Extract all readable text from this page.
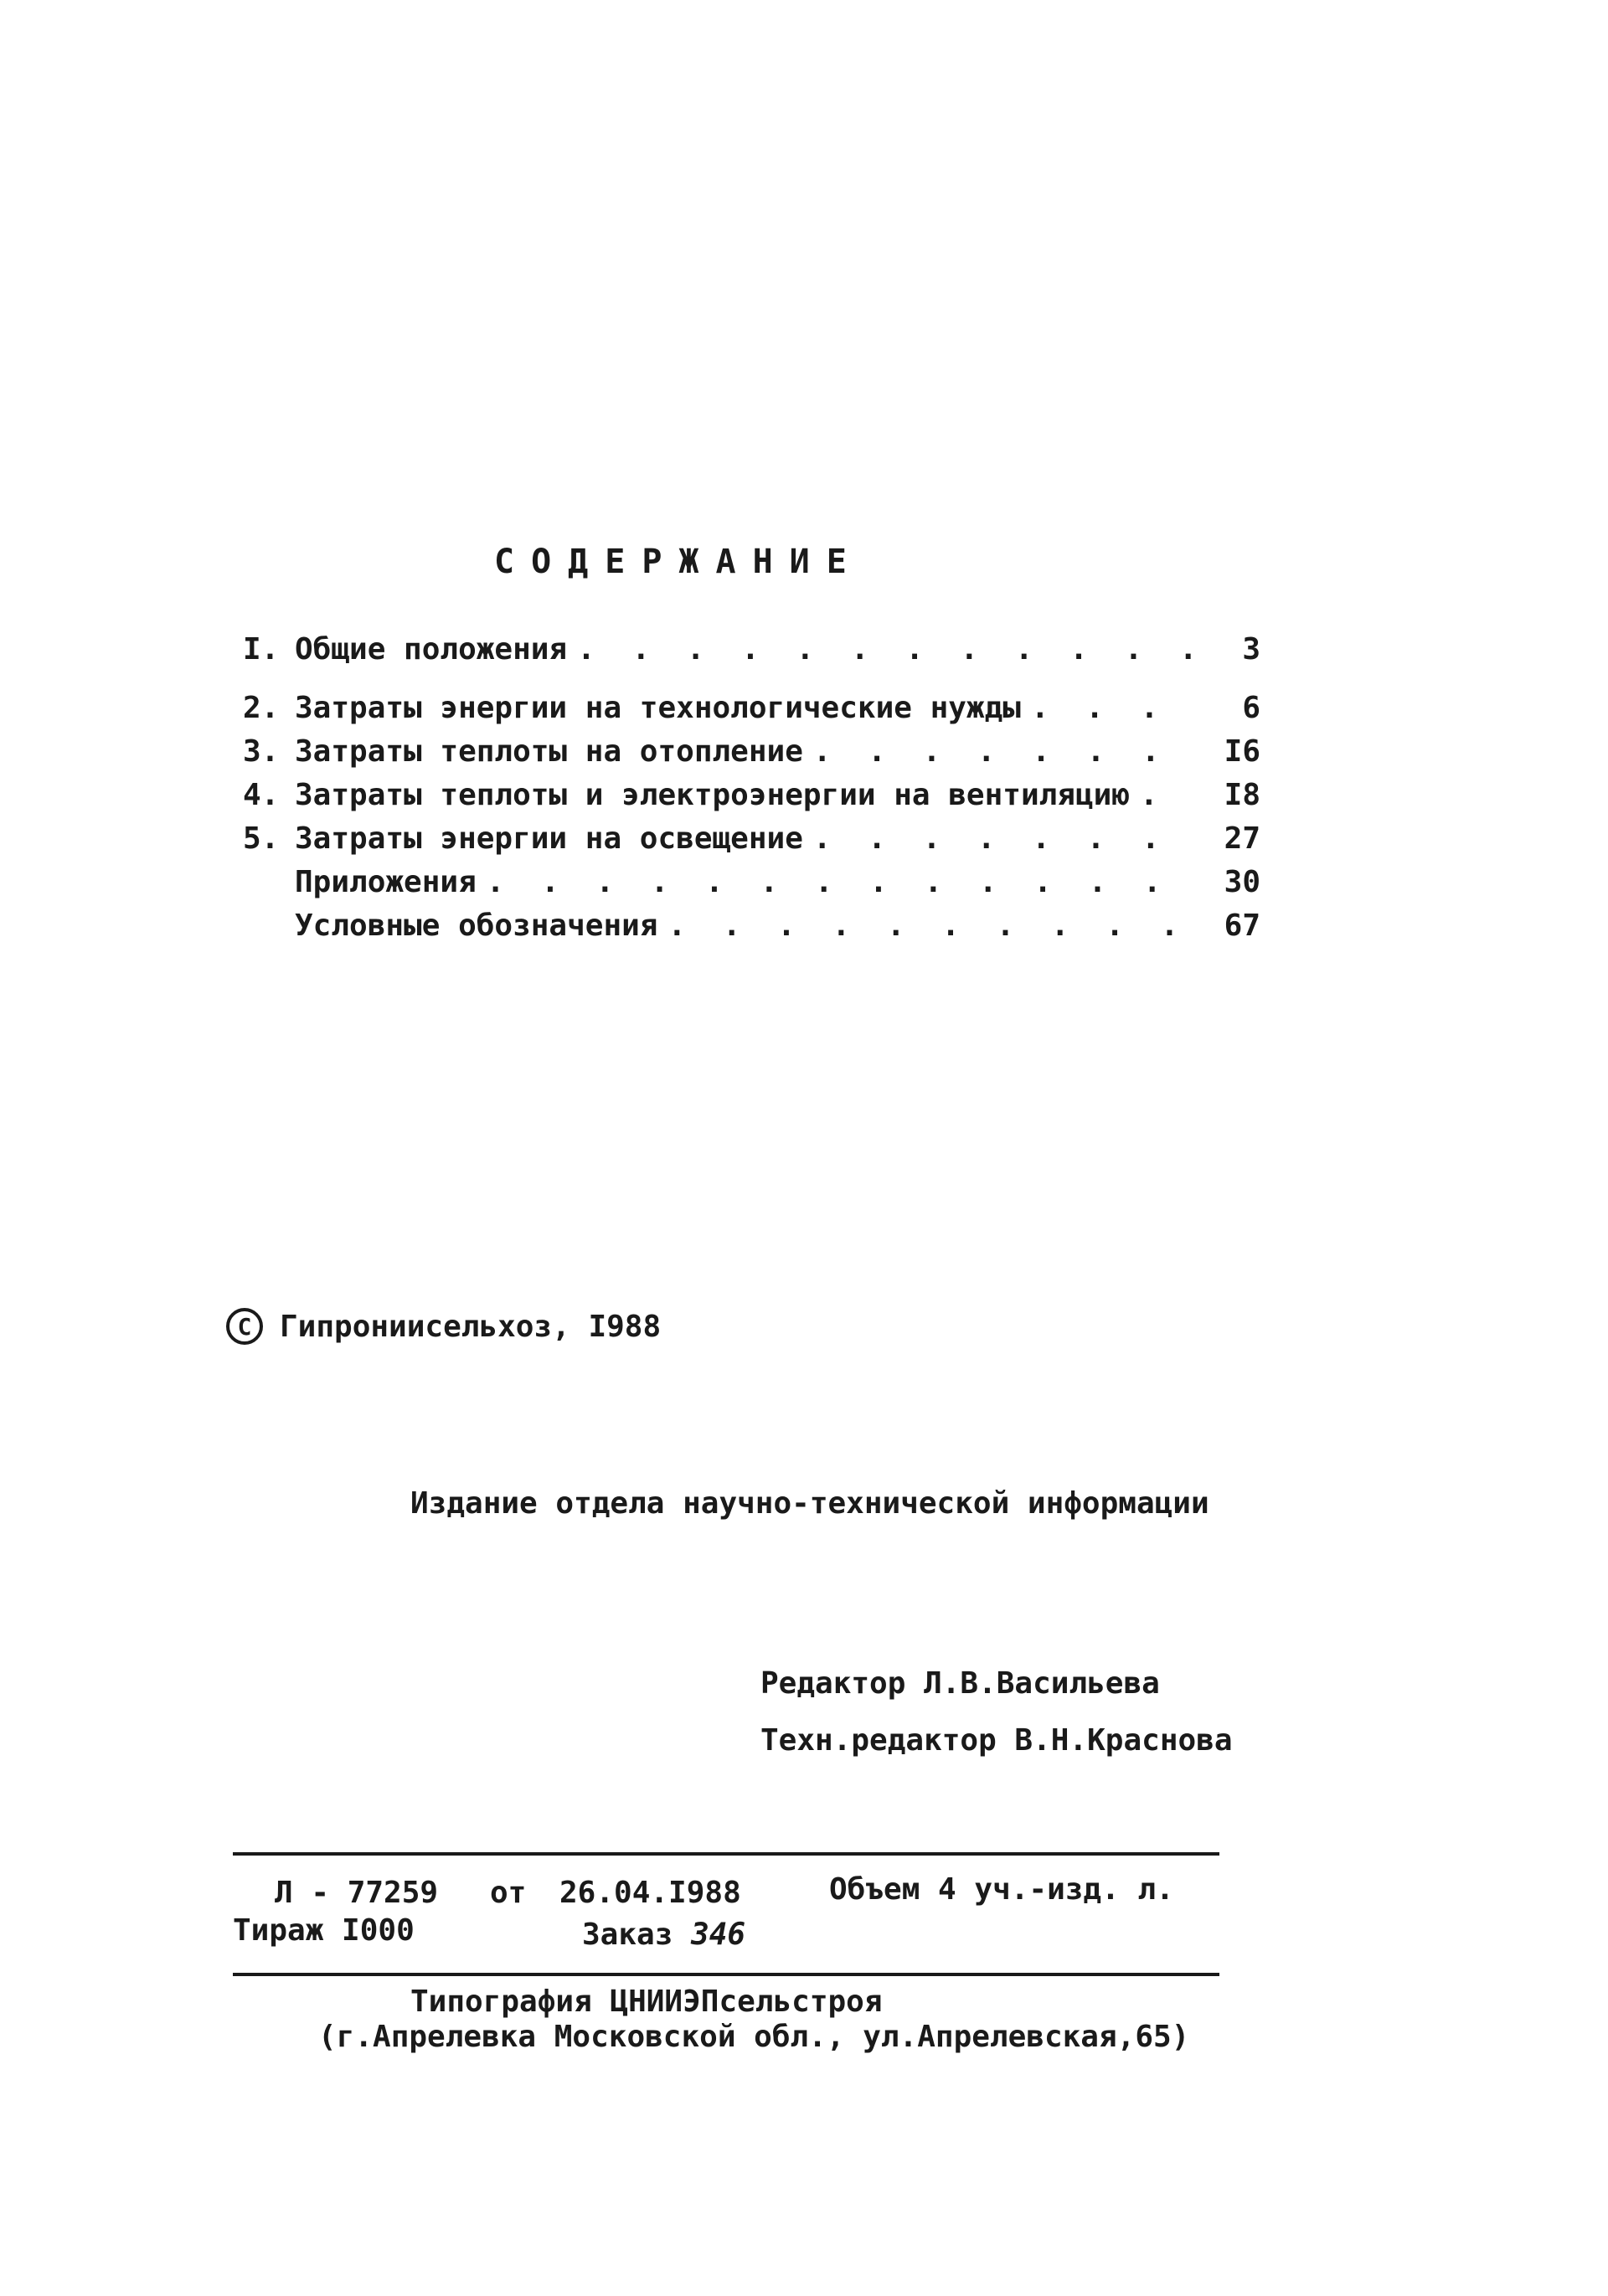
СОДЕРЖАНИЕ
I. Общие положения . . .	3
2. Затраты энергии на технологические нужды . . .	6
3. Затраты теплоты на отопление . . .	I6
4. Затраты теплоты и электроэнергии на вентиляцию . . .	I8
5. Затраты энергии на освещение . . .	27
Приложения . . .	30
Условные обозначения . . .	67
C Гипрониисельхоз, I988
Издание отдела научно-технической информации
Редактор Л.В.Васильева
Техн.редактор В.Н.Краснова
Л - 77259 от 26.04.I988	Объем 4 уч.-изд. л.
Тираж I000	Заказ 346
Типография ЦНИИЭПсельстроя
(г.Апрелевка Московской обл., ул.Апрелевская,65)
